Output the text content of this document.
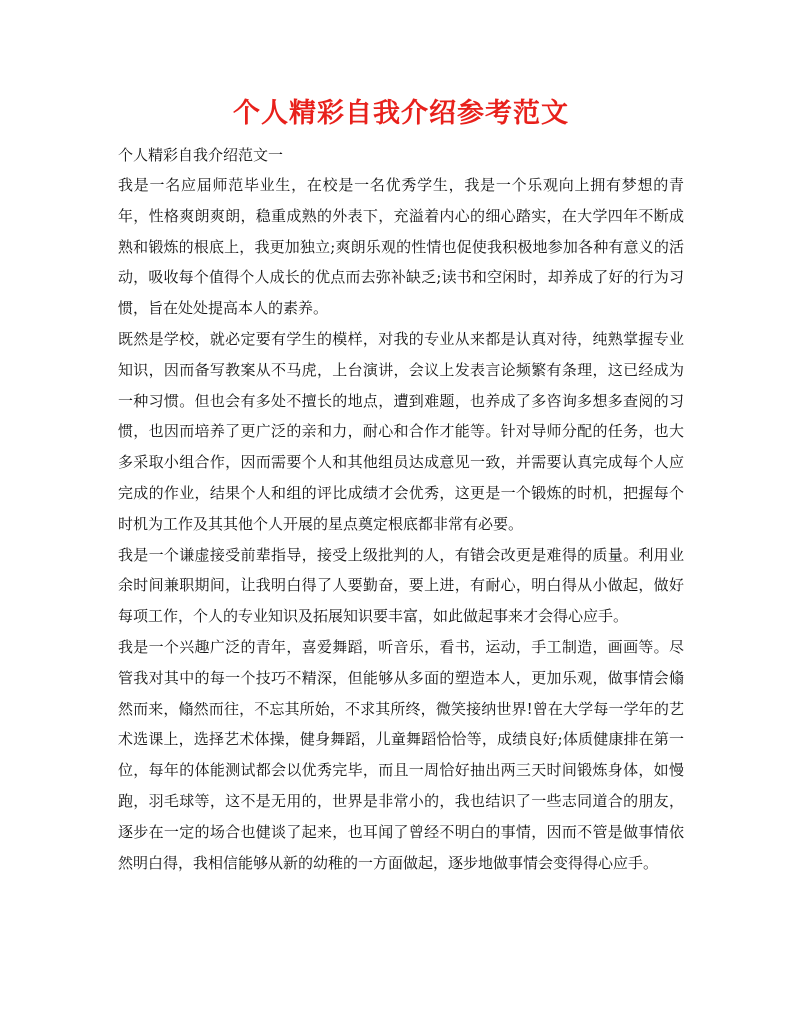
个人精彩自我介绍参考范文

个人精彩自我介绍范文一

我是一名应届师范毕业生，在校是一名优秀学生，我是一个乐观向上拥有梦想的青年，性格爽朗爽朗，稳重成熟的外表下，充溢着内心的细心踏实，在大学四年不断成熟和锻炼的根底上，我更加独立;爽朗乐观的性情也促使我积极地参加各种有意义的活动，吸收每个值得个人成长的优点而去弥补缺乏;读书和空闲时，却养成了好的行为习惯，旨在处处提高本人的素养。

既然是学校，就必定要有学生的模样，对我的专业从来都是认真对待，纯熟掌握专业知识，因而备写教案从不马虎，上台演讲，会议上发表言论频繁有条理，这已经成为一种习惯。但也会有多处不擅长的地点，遭到难题，也养成了多咨询多想多查阅的习惯，也因而培养了更广泛的亲和力，耐心和合作才能等。针对导师分配的任务，也大多采取小组合作，因而需要个人和其他组员达成意见一致，并需要认真完成每个人应完成的作业，结果个人和组的评比成绩才会优秀，这更是一个锻炼的时机，把握每个时机为工作及其其他个人开展的星点奠定根底都非常有必要。

我是一个谦虚接受前辈指导，接受上级批判的人，有错会改更是难得的质量。利用业余时间兼职期间，让我明白得了人要勤奋，要上进，有耐心，明白得从小做起，做好每项工作，个人的专业知识及拓展知识要丰富，如此做起事来才会得心应手。

我是一个兴趣广泛的青年，喜爱舞蹈，听音乐，看书，运动，手工制造，画画等。尽管我对其中的每一个技巧不精深，但能够从多面的塑造本人，更加乐观，做事情会翛然而来，翛然而往，不忘其所始，不求其所终，微笑接纳世界!曾在大学每一学年的艺术选课上，选择艺术体操，健身舞蹈，儿童舞蹈恰恰等，成绩良好;体质健康排在第一位，每年的体能测试都会以优秀完毕，而且一周恰好抽出两三天时间锻炼身体，如慢跑，羽毛球等，这不是无用的，世界是非常小的，我也结识了一些志同道合的朋友，逐步在一定的场合也健谈了起来，也耳闻了曾经不明白的事情，因而不管是做事情依然明白得，我相信能够从新的幼稚的一方面做起，逐步地做事情会变得得心应手。
